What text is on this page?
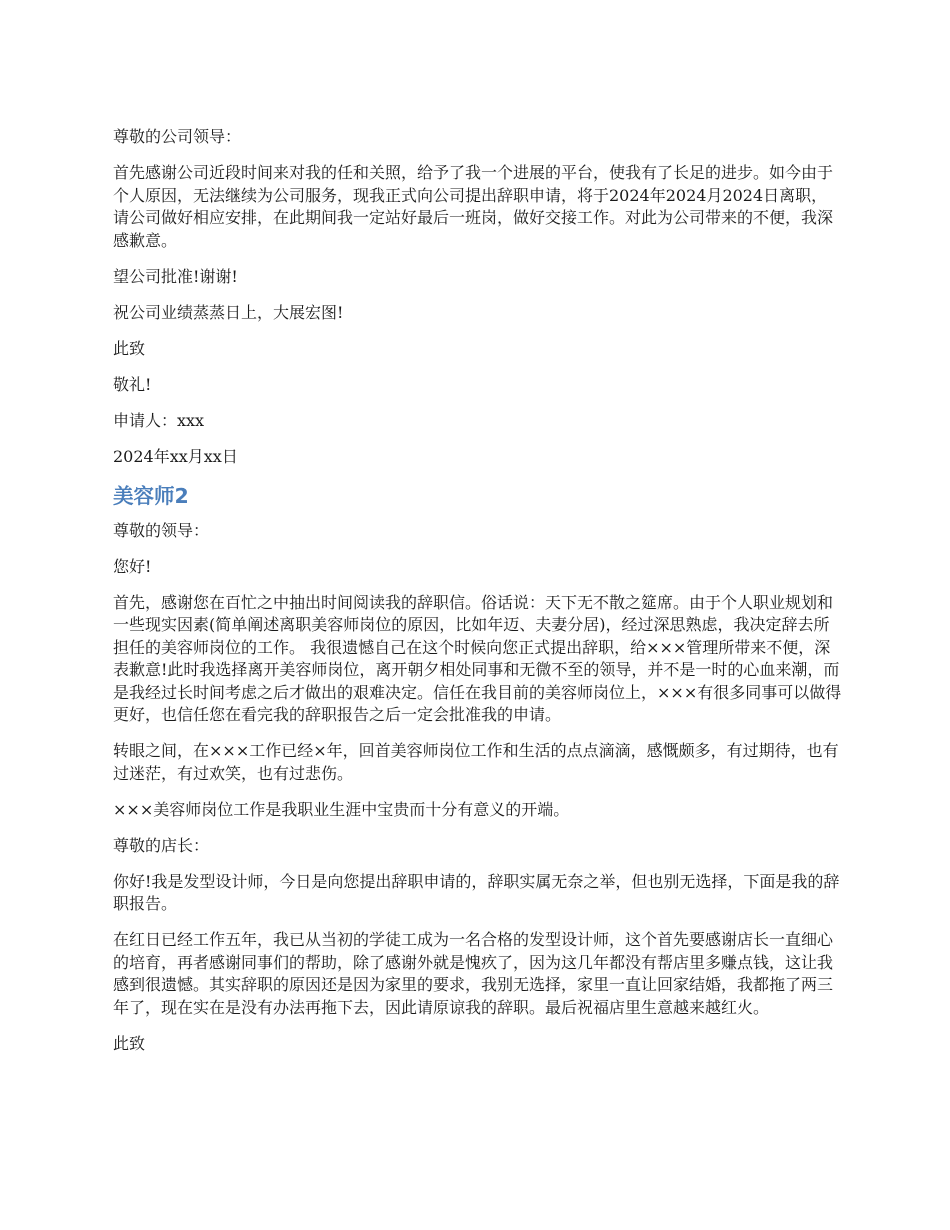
尊敬的公司领导：

首先感谢公司近段时间来对我的任和关照，给予了我一个进展的平台，使我有了长足的进步。如今由于个人原因，无法继续为公司服务，现我正式向公司提出辞职申请，将于2024年2024月2024日离职，请公司做好相应安排，在此期间我一定站好最后一班岗，做好交接工作。对此为公司带来的不便，我深感歉意。

望公司批准!谢谢!

祝公司业绩蒸蒸日上，大展宏图!

此致

敬礼!

申请人：xxx

2024年xx月xx日

美容师2

尊敬的领导：

您好!

首先，感谢您在百忙之中抽出时间阅读我的辞职信。俗话说：天下无不散之筵席。由于个人职业规划和一些现实因素(简单阐述离职美容师岗位的原因，比如年迈、夫妻分居)，经过深思熟虑，我决定辞去所担任的美容师岗位的工作。 我很遗憾自己在这个时候向您正式提出辞职，给×××管理所带来不便，深表歉意!此时我选择离开美容师岗位，离开朝夕相处同事和无微不至的领导，并不是一时的心血来潮，而是我经过长时间考虑之后才做出的艰难决定。信任在我目前的美容师岗位上，×××有很多同事可以做得更好，也信任您在看完我的辞职报告之后一定会批准我的申请。

转眼之间，在×××工作已经×年，回首美容师岗位工作和生活的点点滴滴，感慨颇多，有过期待，也有过迷茫，有过欢笑，也有过悲伤。

×××美容师岗位工作是我职业生涯中宝贵而十分有意义的开端。

尊敬的店长：

你好!我是发型设计师，今日是向您提出辞职申请的，辞职实属无奈之举，但也别无选择，下面是我的辞职报告。

在红日已经工作五年，我已从当初的学徒工成为一名合格的发型设计师，这个首先要感谢店长一直细心的培育，再者感谢同事们的帮助，除了感谢外就是愧疚了，因为这几年都没有帮店里多赚点钱，这让我感到很遗憾。其实辞职的原因还是因为家里的要求，我别无选择，家里一直让回家结婚，我都拖了两三年了，现在实在是没有办法再拖下去，因此请原谅我的辞职。最后祝福店里生意越来越红火。

此致
